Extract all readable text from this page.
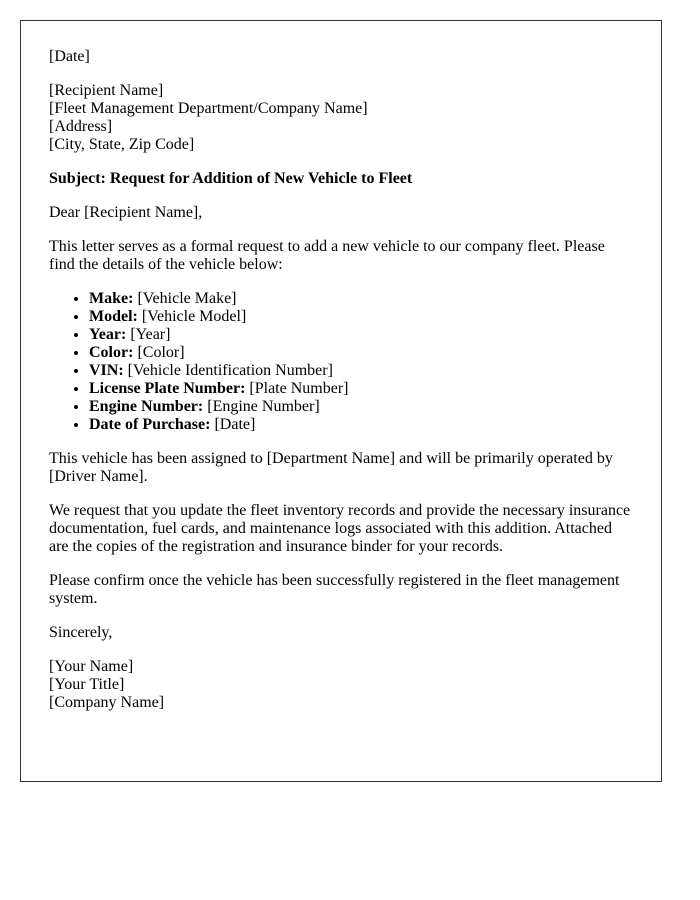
[Date]

[Recipient Name]
[Fleet Management Department/Company Name]
[Address]
[City, State, Zip Code]

Subject: Request for Addition of New Vehicle to Fleet

Dear [Recipient Name],

This letter serves as a formal request to add a new vehicle to our company fleet. Please find the details of the vehicle below:

• Make: [Vehicle Make]
• Model: [Vehicle Model]
• Year: [Year]
• Color: [Color]
• VIN: [Vehicle Identification Number]
• License Plate Number: [Plate Number]
• Engine Number: [Engine Number]
• Date of Purchase: [Date]

This vehicle has been assigned to [Department Name] and will be primarily operated by [Driver Name].

We request that you update the fleet inventory records and provide the necessary insurance documentation, fuel cards, and maintenance logs associated with this addition. Attached are the copies of the registration and insurance binder for your records.

Please confirm once the vehicle has been successfully registered in the fleet management system.

Sincerely,

[Your Name]
[Your Title]
[Company Name]
